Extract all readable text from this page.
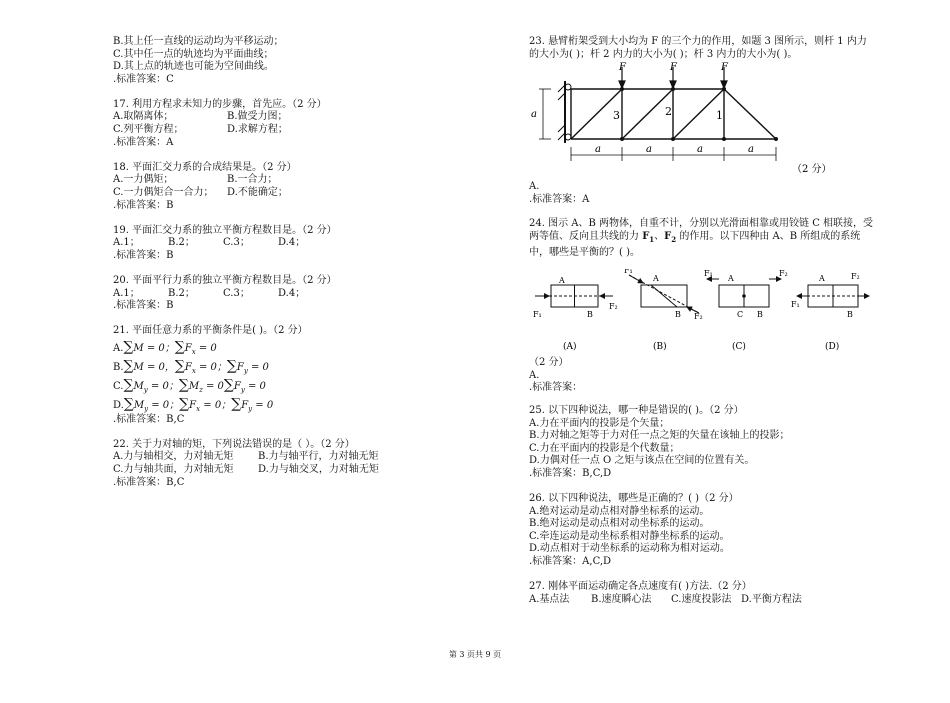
B.其上任一直线的运动均为平移运动；
C.其中任一点的轨迹均为平面曲线；
D.其上点的轨迹也可能为空间曲线。
.标准答案：C
17. 利用方程求未知力的步骤，首先应。（2 分）
A.取隔离体；	B.做受力图；
C.列平衡方程；	D.求解方程；
.标准答案：A
18. 平面汇交力系的合成结果是。（2 分）
A.一力偶矩；	B.一合力；
C.一力偶矩合一合力；	D.不能确定；
.标准答案：B
19. 平面汇交力系的独立平衡方程数目是。（2 分）
A.1；	B.2；	C.3；	D.4；
.标准答案：B
20. 平面平行力系的独立平衡方程数目是。（2 分）
A.1；	B.2；	C.3；	D.4；
.标准答案：B
21. 平面任意力系的平衡条件是( )。（2 分）
A.∑M = 0；$\sum F_x = 0$
B.∑M = 0，$\sum F_x = 0$；$\sum F_y = 0$
$C.\sum M_y = 0$；$\sum M_z = 0\sum F_y = 0$
$D.\sum M_y = 0$；$\sum F_x = 0$；$\sum F_y = 0$
.标准答案：B,C
22. 关于力对轴的矩，下列说法错误的是（ ）。（2 分）
A.力与轴相交，力对轴无矩	B.力与轴平行，力对轴无矩
C.力与轴共面，力对轴无矩	D.力与轴交叉，力对轴无矩
.标准答案：B,C
23. 悬臂桁架受到大小均为 F 的三个力的作用，如题 3 图所示，则杆 1 内力的大小为( )；杆 2 内力的大小为( )；杆 3 内力的大小为( )。
F	F	F
3	2	1
a
a	a	a	a
（2 分）
A.
.标准答案：A
24. 图示 A、B 两物体，自重不计，分别以光滑面相靠或用铰链 C 相联接，受两等值、反向且共线的力 $F_1$、$F_2$ 的作用。以下四种由 A、B 所组成的系统中，哪些是平衡的？( )。
A
B
F₁
F₂
(A)
F₁
A
B F₂
(B)
F₁
A
F₂
C B
(C)
A	F₂
F₁
B
(D)
（2 分）
A.
.标准答案：
25. 以下四种说法，哪一种是错误的( )。（2 分）
A.力在平面内的投影是个矢量；
B.力对轴之矩等于力对任一点之矩的矢量在该轴上的投影；
C.力在平面内的投影是个代数量；
D.力偶对任一点 O 之矩与该点在空间的位置有关。
.标准答案：B,C,D
26. 以下四种说法，哪些是正确的？( )（2 分）
A.绝对运动是动点相对静坐标系的运动。
B.绝对运动是动点相对动坐标系的运动。
C.牵连运动是动坐标系相对静坐标系的运动。
D.动点相对于动坐标系的运动称为相对运动。
.标准答案：A,C,D
27. 刚体平面运动确定各点速度有( )方法.（2 分）
A.基点法	B.速度瞬心法	C.速度投影法 D.平衡方程法
第 3 页共 9 页
